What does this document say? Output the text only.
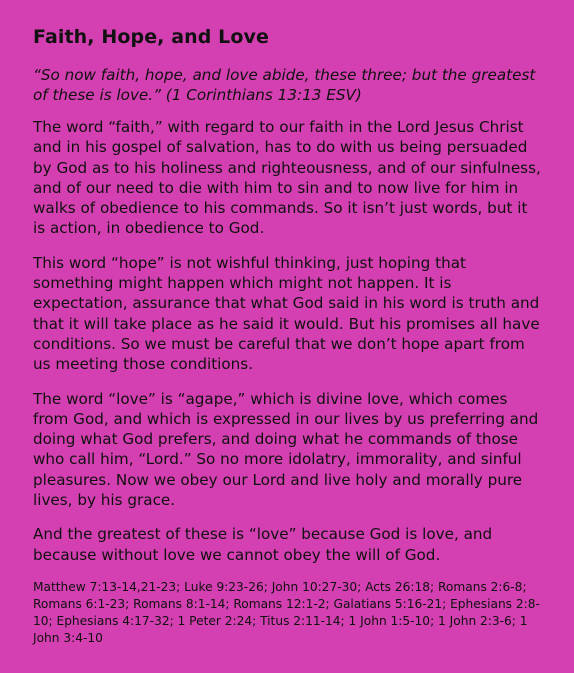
Faith, Hope, and Love

“So now faith, hope, and love abide, these three; but the greatest of these is love.” (1 Corinthians 13:13 ESV)

The word “faith,” with regard to our faith in the Lord Jesus Christ and in his gospel of salvation, has to do with us being persuaded by God as to his holiness and righteousness, and of our sinfulness, and of our need to die with him to sin and to now live for him in walks of obedience to his commands. So it isn’t just words, but it is action, in obedience to God.

This word “hope” is not wishful thinking, just hoping that something might happen which might not happen. It is expectation, assurance that what God said in his word is truth and that it will take place as he said it would. But his promises all have conditions. So we must be careful that we don’t hope apart from us meeting those conditions.

The word “love” is “agape,” which is divine love, which comes from God, and which is expressed in our lives by us preferring and doing what God prefers, and doing what he commands of those who call him, “Lord.” So no more idolatry, immorality, and sinful pleasures. Now we obey our Lord and live holy and morally pure lives, by his grace.

And the greatest of these is “love” because God is love, and because without love we cannot obey the will of God.

Matthew 7:13-14,21-23; Luke 9:23-26; John 10:27-30; Acts 26:18; Romans 2:6-8; Romans 6:1-23; Romans 8:1-14; Romans 12:1-2; Galatians 5:16-21; Ephesians 2:8-10; Ephesians 4:17-32; 1 Peter 2:24; Titus 2:11-14; 1 John 1:5-10; 1 John 2:3-6; 1 John 3:4-10
